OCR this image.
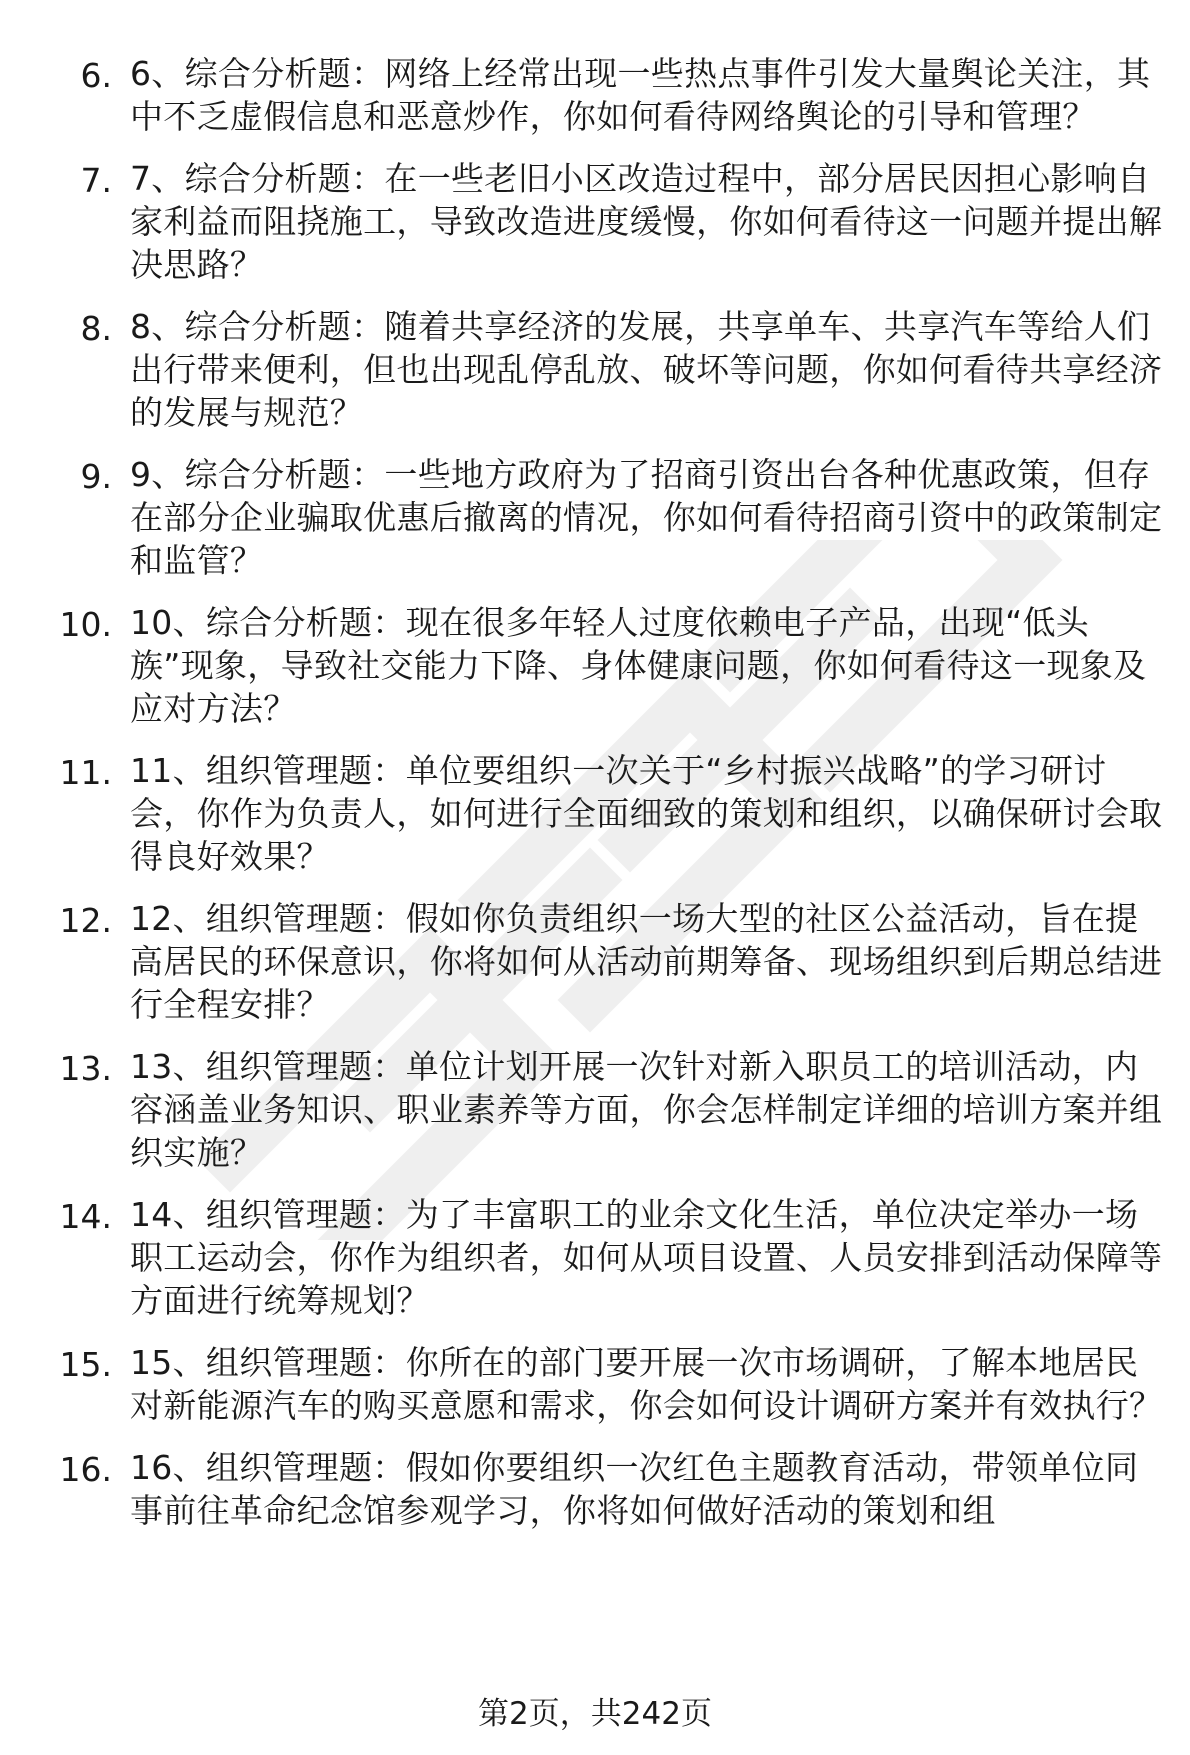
6. 6、综合分析题：网络上经常出现一些热点事件引发大量舆论关注，其中不乏虚假信息和恶意炒作，你如何看待网络舆论的引导和管理？
7. 7、综合分析题：在一些老旧小区改造过程中，部分居民因担心影响自家利益而阻挠施工，导致改造进度缓慢，你如何看待这一问题并提出解决思路？
8. 8、综合分析题：随着共享经济的发展，共享单车、共享汽车等给人们出行带来便利，但也出现乱停乱放、破坏等问题，你如何看待共享经济的发展与规范？
9. 9、综合分析题：一些地方政府为了招商引资出台各种优惠政策，但存在部分企业骗取优惠后撤离的情况，你如何看待招商引资中的政策制定和监管？
10. 10、综合分析题：现在很多年轻人过度依赖电子产品，出现“低头族”现象，导致社交能力下降、身体健康问题，你如何看待这一现象及应对方法？
11. 11、组织管理题：单位要组织一次关于“乡村振兴战略”的学习研讨会，你作为负责人，如何进行全面细致的策划和组织，以确保研讨会取得良好效果？
12. 12、组织管理题：假如你负责组织一场大型的社区公益活动，旨在提高居民的环保意识，你将如何从活动前期筹备、现场组织到后期总结进行全程安排？
13. 13、组织管理题：单位计划开展一次针对新入职员工的培训活动，内容涵盖业务知识、职业素养等方面，你会怎样制定详细的培训方案并组织实施？
14. 14、组织管理题：为了丰富职工的业余文化生活，单位决定举办一场职工运动会，你作为组织者，如何从项目设置、人员安排到活动保障等方面进行统筹规划？
15. 15、组织管理题：你所在的部门要开展一次市场调研，了解本地居民对新能源汽车的购买意愿和需求，你会如何设计调研方案并有效执行？
16. 16、组织管理题：假如你要组织一次红色主题教育活动，带领单位同事前往革命纪念馆参观学习，你将如何做好活动的策划和组
第2页，共242页
